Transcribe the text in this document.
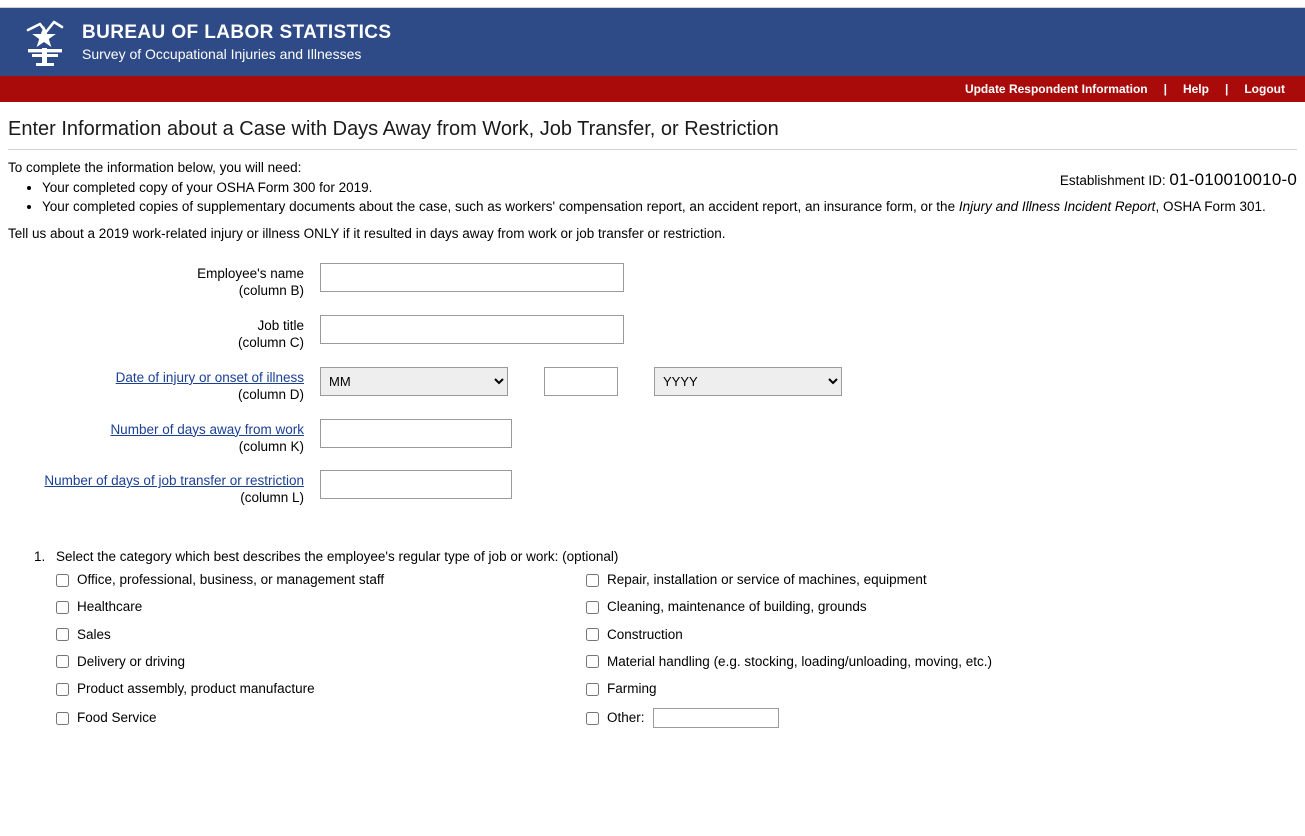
BUREAU OF LABOR STATISTICS
Survey of Occupational Injuries and Illnesses
Update Respondent Information	|	Help	|	Logout
Enter Information about a Case with Days Away from Work, Job Transfer, or Restriction
Establishment ID: 01-010010010-0
To complete the information below, you will need:
• Your completed copy of your OSHA Form 300 for 2019.
• Your completed copies of supplementary documents about the case, such as workers' compensation report, an accident report, an insurance form, or the Injury and Illness Incident Report, OSHA Form 301.
Tell us about a 2019 work-related injury or illness ONLY if it resulted in days away from work or job transfer or restriction.
Employee's name
(column B)
Job title
(column C)
Date of injury or onset of illness
(column D)
MM
YYYY
Number of days away from work
(column K)
Number of days of job transfer or restriction
(column L)
1. Select the category which best describes the employee's regular type of job or work: (optional)
Office, professional, business, or management staff	Repair, installation or service of machines, equipment
Healthcare	Cleaning, maintenance of building, grounds
Sales	Construction
Delivery or driving	Material handling (e.g. stocking, loading/unloading, moving, etc.)
Product assembly, product manufacture	Farming
Food Service	Other:
